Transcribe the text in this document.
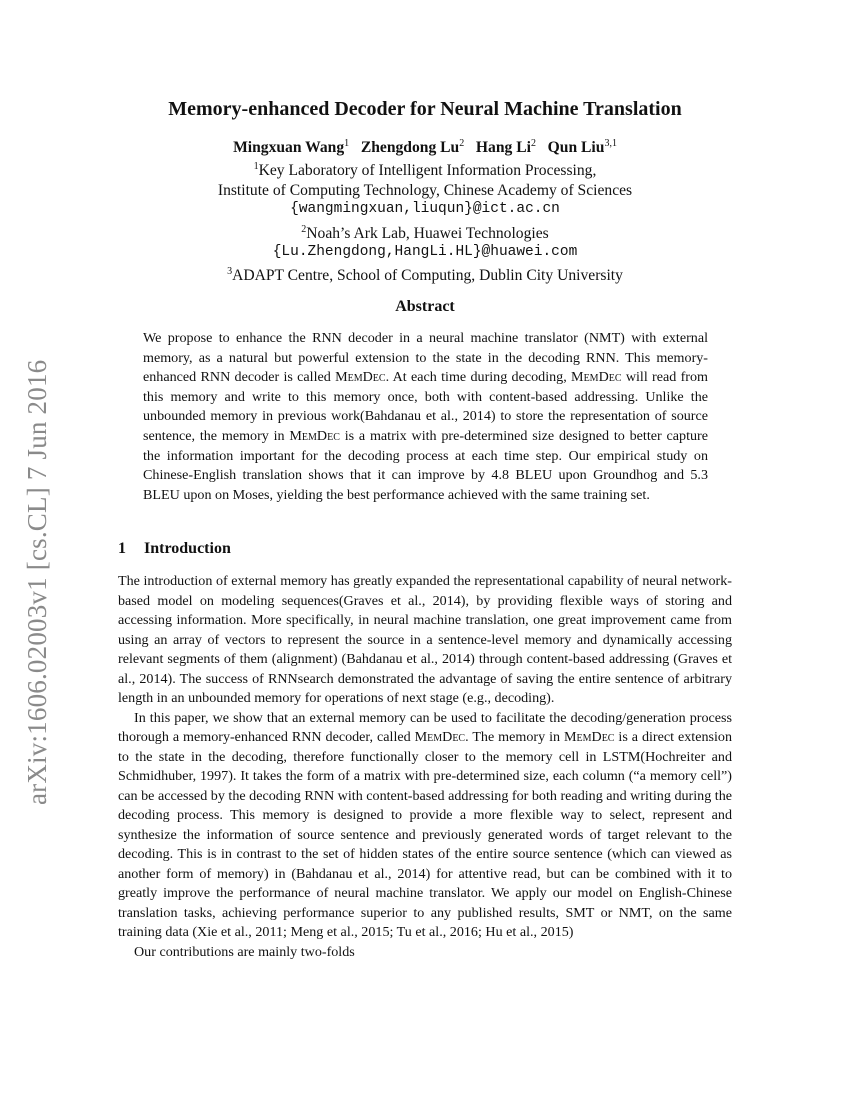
arXiv:1606.02003v1 [cs.CL] 7 Jun 2016
Memory-enhanced Decoder for Neural Machine Translation
Mingxuan Wang$^1$ Zhengdong Lu$^2$ Hang Li$^2$ Qun Liu$^{3,1}$
$^1$Key Laboratory of Intelligent Information Processing,
Institute of Computing Technology, Chinese Academy of Sciences
{wangmingxuan,liuqun}@ict.ac.cn
$^2$Noah’s Ark Lab, Huawei Technologies
{Lu.Zhengdong,HangLi.HL}@huawei.com
$^3$ADAPT Centre, School of Computing, Dublin City University
Abstract
We propose to enhance the RNN decoder in a neural machine translator (NMT) with external memory, as a natural but powerful extension to the state in the decoding RNN. This memory-enhanced RNN decoder is called MemDec. At each time during decoding, MemDec will read from this memory and write to this memory once, both with content-based addressing. Unlike the unbounded memory in previous work(Bahdanau et al., 2014) to store the representation of source sentence, the memory in MemDec is a matrix with pre-determined size designed to better capture the information important for the decoding process at each time step. Our empirical study on Chinese-English translation shows that it can improve by 4.8 BLEU upon Groundhog and 5.3 BLEU upon on Moses, yielding the best performance achieved with the same training set.
1 Introduction

The introduction of external memory has greatly expanded the representational capability of neural network-based model on modeling sequences(Graves et al., 2014), by providing flexible ways of storing and accessing information. More specifically, in neural machine translation, one great improvement came from using an array of vectors to represent the source in a sentence-level memory and dynamically accessing relevant segments of them (alignment) (Bahdanau et al., 2014) through content-based addressing (Graves et al., 2014). The success of RNNsearch demonstrated the advantage of saving the entire sentence of arbitrary length in an unbounded memory for operations of next stage (e.g., decoding).

In this paper, we show that an external memory can be used to facilitate the decoding/generation process thorough a memory-enhanced RNN decoder, called MemDec. The memory in MemDec is a direct extension to the state in the decoding, therefore functionally closer to the memory cell in LSTM(Hochreiter and Schmidhuber, 1997). It takes the form of a matrix with pre-determined size, each column (“a memory cell”) can be accessed by the decoding RNN with content-based addressing for both reading and writing during the decoding process. This memory is designed to provide a more flexible way to select, represent and synthesize the information of source sentence and previously generated words of target relevant to the decoding. This is in contrast to the set of hidden states of the entire source sentence (which can viewed as another form of memory) in (Bahdanau et al., 2014) for attentive read, but can be combined with it to greatly improve the performance of neural machine translator. We apply our model on English-Chinese translation tasks, achieving performance superior to any published results, SMT or NMT, on the same training data (Xie et al., 2011; Meng et al., 2015; Tu et al., 2016; Hu et al., 2015)

Our contributions are mainly two-folds
